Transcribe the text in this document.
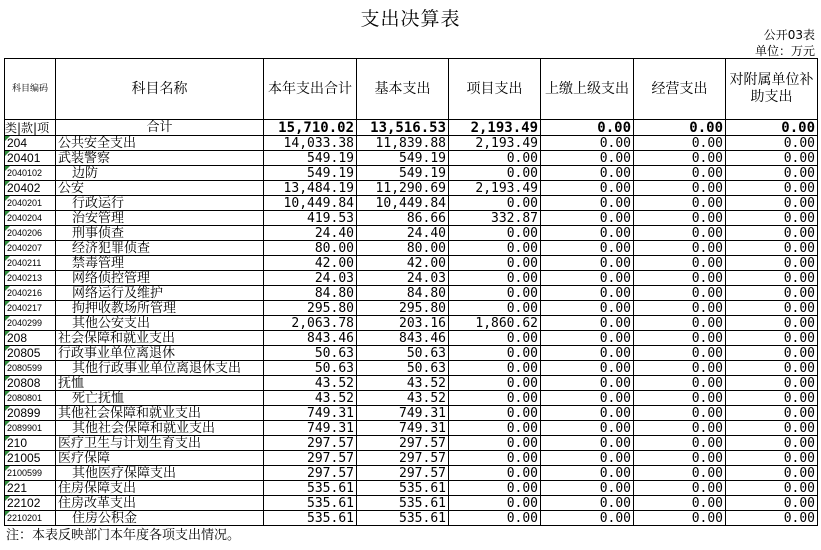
支出决算表
公开03表
单位：万元
科目编码	科目名称	本年支出合计	基本支出	项目支出	上缴上级支出	经营支出	对附属单位补助支出
类|款|项	合计	15,710.02	13,516.53	2,193.49	0.00	0.00	0.00
204	公共安全支出	14,033.38	11,839.88	2,193.49	0.00	0.00	0.00
20401	武装警察	549.19	549.19	0.00	0.00	0.00	0.00
2040102	边防	549.19	549.19	0.00	0.00	0.00	0.00
20402	公安	13,484.19	11,290.69	2,193.49	0.00	0.00	0.00
2040201	行政运行	10,449.84	10,449.84	0.00	0.00	0.00	0.00
2040204	治安管理	419.53	86.66	332.87	0.00	0.00	0.00
2040206	刑事侦查	24.40	24.40	0.00	0.00	0.00	0.00
2040207	经济犯罪侦查	80.00	80.00	0.00	0.00	0.00	0.00
2040211	禁毒管理	42.00	42.00	0.00	0.00	0.00	0.00
2040213	网络侦控管理	24.03	24.03	0.00	0.00	0.00	0.00
2040216	网络运行及维护	84.80	84.80	0.00	0.00	0.00	0.00
2040217	拘押收教场所管理	295.80	295.80	0.00	0.00	0.00	0.00
2040299	其他公安支出	2,063.78	203.16	1,860.62	0.00	0.00	0.00
208	社会保障和就业支出	843.46	843.46	0.00	0.00	0.00	0.00
20805	行政事业单位离退休	50.63	50.63	0.00	0.00	0.00	0.00
2080599	其他行政事业单位离退休支出	50.63	50.63	0.00	0.00	0.00	0.00
20808	抚恤	43.52	43.52	0.00	0.00	0.00	0.00
2080801	死亡抚恤	43.52	43.52	0.00	0.00	0.00	0.00
20899	其他社会保障和就业支出	749.31	749.31	0.00	0.00	0.00	0.00
2089901	其他社会保障和就业支出	749.31	749.31	0.00	0.00	0.00	0.00
210	医疗卫生与计划生育支出	297.57	297.57	0.00	0.00	0.00	0.00
21005	医疗保障	297.57	297.57	0.00	0.00	0.00	0.00
2100599	其他医疗保障支出	297.57	297.57	0.00	0.00	0.00	0.00
221	住房保障支出	535.61	535.61	0.00	0.00	0.00	0.00
22102	住房改革支出	535.61	535.61	0.00	0.00	0.00	0.00
2210201	住房公积金	535.61	535.61	0.00	0.00	0.00	0.00
注：本表反映部门本年度各项支出情况。
